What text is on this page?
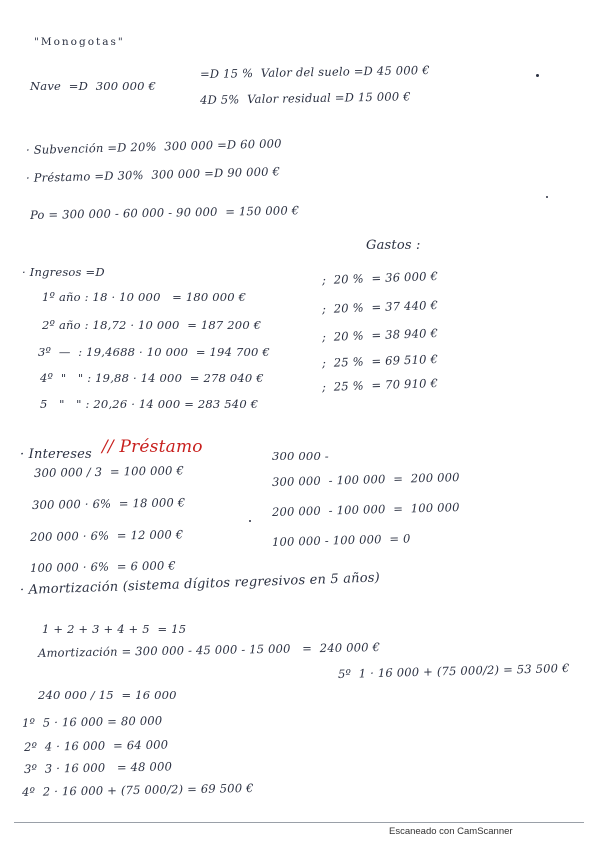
"Monogotas"
Nave  =D  300 000 €
=D 15 %  Valor del suelo =D 45 000 €
4D 5%  Valor residual =D 15 000 €
· Subvención =D 20%  300 000 =D 60 000
· Préstamo =D 30%  300 000 =D 90 000 €
Po = 300 000 - 60 000 - 90 000  = 150 000 €
Gastos :
· Ingresos =D
1º año : 18 · 10 000   = 180 000 €
;  20 %  = 36 000 €
2º año : 18,72 · 10 000  = 187 200 €
;  20 %  = 37 440 €
3º  —  : 19,4688 · 10 000  = 194 700 €
;  20 %  = 38 940 €
4º  "   " : 19,88 · 14 000  = 278 040 €
;  25 %  = 69 510 €
5   "   " : 20,26 · 14 000 = 283 540 €
;  25 %  = 70 910 €
· Intereses // Préstamo
300 000 / 3  = 100 000 €
300 000 · 6%  = 18 000 €
200 000 · 6%  = 12 000 €
100 000 · 6%  = 6 000 €
300 000 -
300 000  - 100 000  =  200 000
200 000  - 100 000  =  100 000
100 000 - 100 000  = 0
· Amortización (sistema dígitos regresivos en 5 años)
1 + 2 + 3 + 4 + 5  = 15
Amortización = 300 000 - 45 000 - 15 000   =  240 000 €
240 000 / 15  = 16 000
5º  1 · 16 000 + (75 000/2) = 53 500 €
1º  5 · 16 000 = 80 000
2º  4 · 16 000  = 64 000
3º  3 · 16 000   = 48 000
4º  2 · 16 000 + (75 000/2) = 69 500 €
Escaneado con CamScanner
